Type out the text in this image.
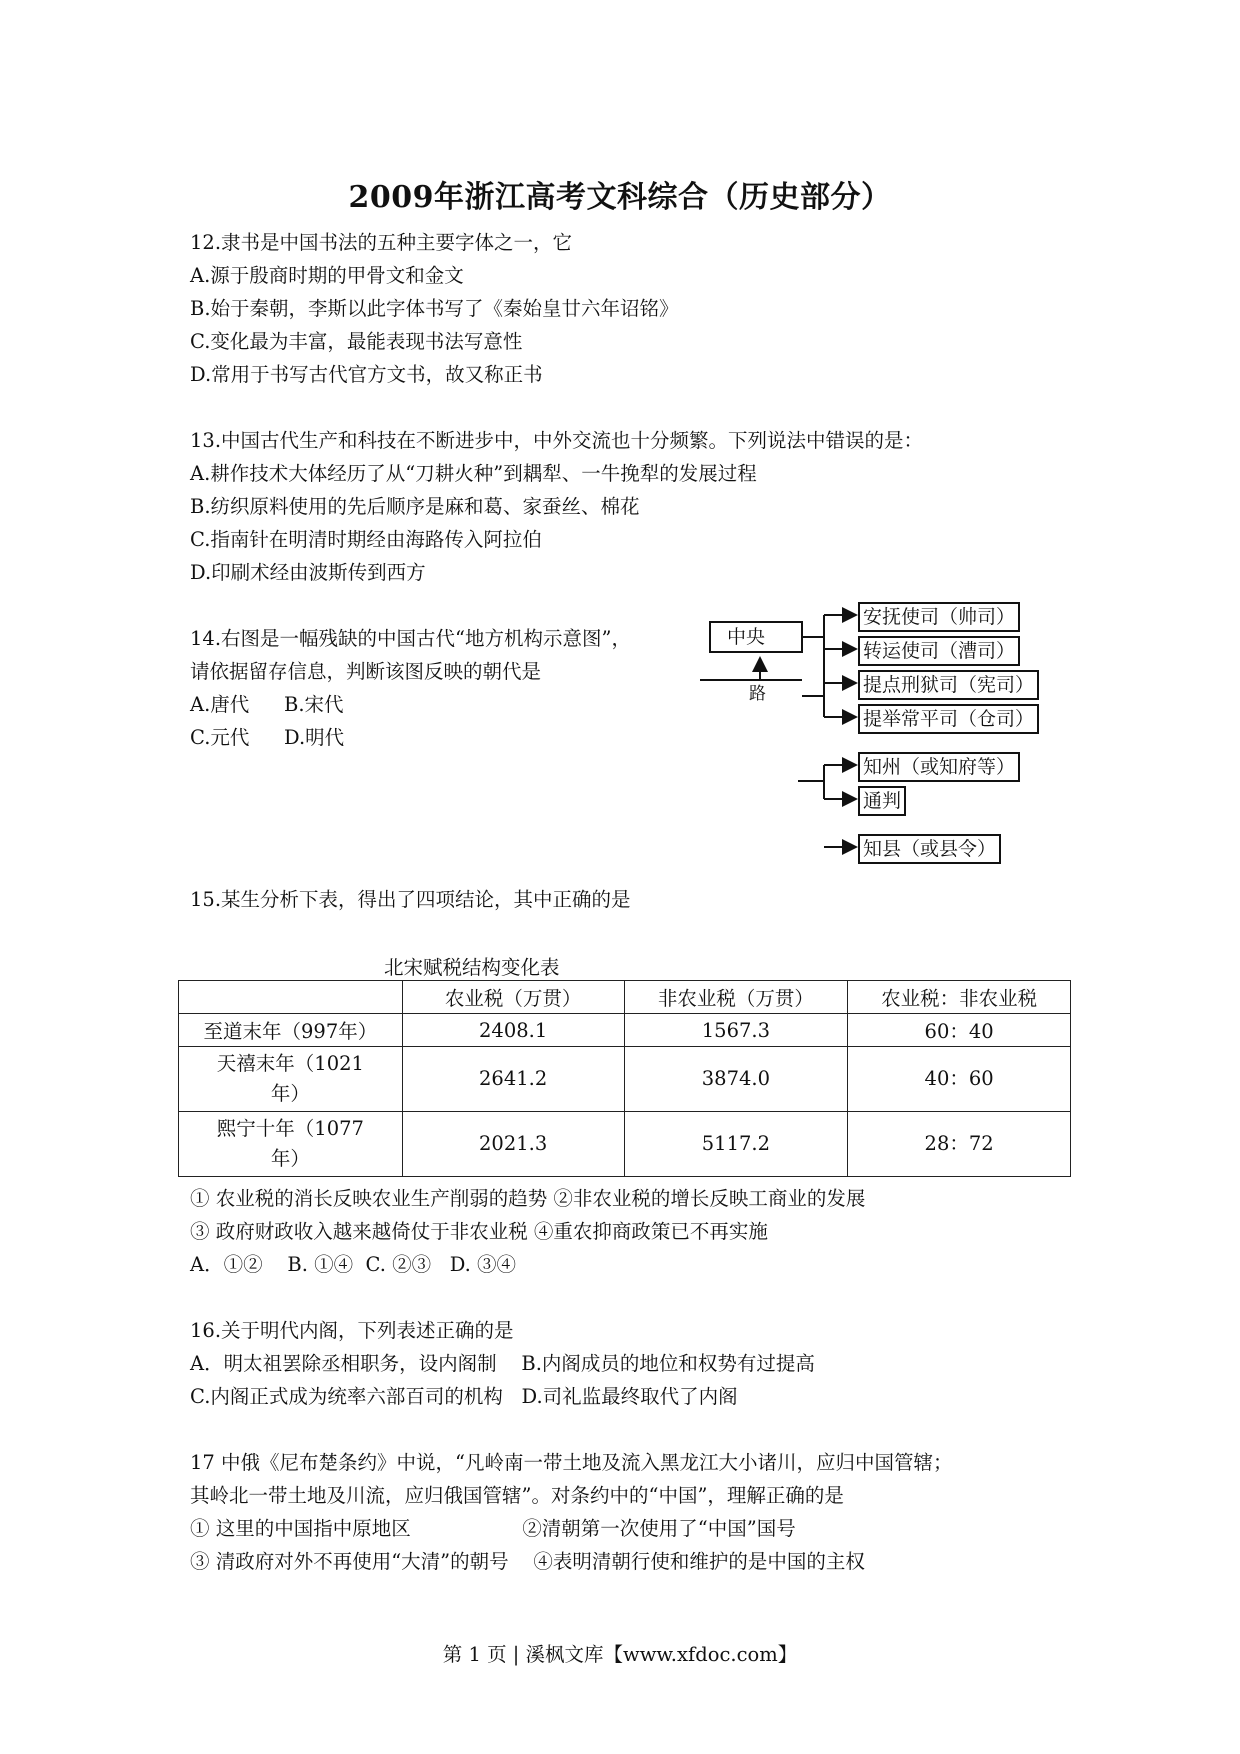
2009年浙江高考文科综合（历史部分）
12.隶书是中国书法的五种主要字体之一，它
A.源于殷商时期的甲骨文和金文
B.始于秦朝，李斯以此字体书写了《秦始皇廿六年诏铭》
C.变化最为丰富，最能表现书法写意性
D.常用于书写古代官方文书，故又称正书
13.中国古代生产和科技在不断进步中，中外交流也十分频繁。下列说法中错误的是：
A.耕作技术大体经历了从“刀耕火种”到耦犁、一牛挽犁的发展过程
B.纺织原料使用的先后顺序是麻和葛、家蚕丝、棉花
C.指南针在明清时期经由海路传入阿拉伯
D.印刷术经由波斯传到西方
14.右图是一幅残缺的中国古代“地方机构示意图”，
请依据留存信息，判断该图反映的朝代是
A.唐代 B.宋代
C.元代 D.明代
中央
路
安抚使司（帅司）
转运使司（漕司）
提点刑狱司（宪司）
提举常平司（仓司）
知州（或知府等）
通判
知县（或县令）
15.某生分析下表，得出了四项结论，其中正确的是
北宋赋税结构变化表
	农业税（万贯）	非农业税（万贯）	农业税：非农业税
至道末年（997年）	2408.1	1567.3	60：40
天禧末年（1021
年）	2641.2	3874.0	40：60
熙宁十年（1077
年）	2021.3	5117.2	28：72
① 农业税的消长反映农业生产削弱的趋势 ②非农业税的增长反映工商业的发展
③ 政府财政收入越来越倚仗于非农业税 ④重农抑商政策已不再实施
A．①②    B. ①④  C. ②③   D. ③④
16.关于明代内阁，下列表述正确的是
A．明太祖罢除丞相职务，设内阁制    B.内阁成员的地位和权势有过提高
C.内阁正式成为统率六部百司的机构   D.司礼监最终取代了内阁
17 中俄《尼布楚条约》中说，“凡岭南一带土地及流入黑龙江大小诸川，应归中国管辖；
其岭北一带土地及川流，应归俄国管辖”。对条约中的“中国”，理解正确的是
① 这里的中国指中原地区                  ②清朝第一次使用了“中国”国号
③ 清政府对外不再使用“大清”的朝号    ④表明清朝行使和维护的是中国的主权
第 1 页 | 溪枫文库【www.xfdoc.com】
